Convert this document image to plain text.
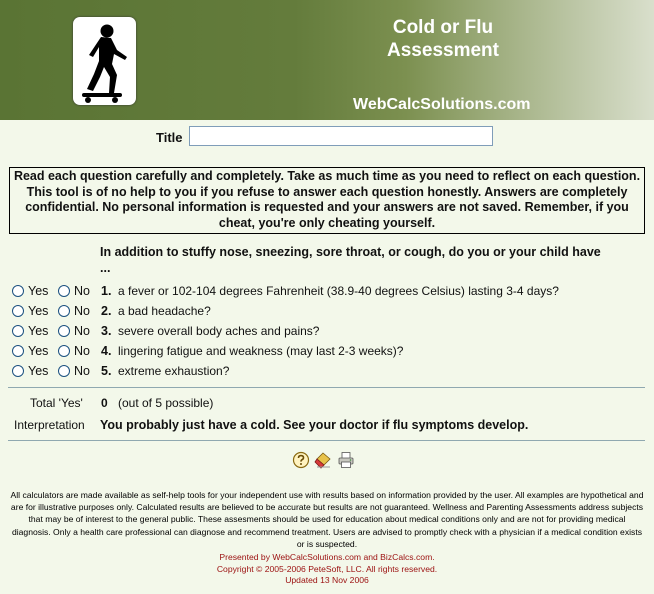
Cold or Flu Assessment
WebCalcSolutions.com
Title
Read each question carefully and completely. Take as much time as you need to reflect on each question. This tool is of no help to you if you refuse to answer each question honestly. Answers are completely confidential. No personal information is requested and your answers are not saved. Remember, if you cheat, you're only cheating yourself.
In addition to stuffy nose, sneezing, sore throat, or cough, do you or your child have ...
Yes No 1. a fever or 102-104 degrees Fahrenheit (38.9-40 degrees Celsius) lasting 3-4 days?
Yes No 2. a bad headache?
Yes No 3. severe overall body aches and pains?
Yes No 4. lingering fatigue and weakness (may last 2-3 weeks)?
Yes No 5. extreme exhaustion?
Total 'Yes' 0 (out of 5 possible)
Interpretation You probably just have a cold. See your doctor if flu symptoms develop.
All calculators are made available as self-help tools for your independent use with results based on information provided by the user. All examples are hypothetical and are for illustrative purposes only. Calculated results are believed to be accurate but results are not guaranteed. Wellness and Parenting Assessments address subjects that may be of interest to the general public. These assesments should be used for education about medical conditions only and are not for providing medical diagnosis. Only a health care professional can diagnose and recommend treatment. Users are advised to promptly check with a physician if a medical condition exists or is suspected.
Presented by WebCalcSolutions.com and BizCalcs.com.
Copyright © 2005-2006 PeteSoft, LLC. All rights reserved.
Updated 13 Nov 2006
